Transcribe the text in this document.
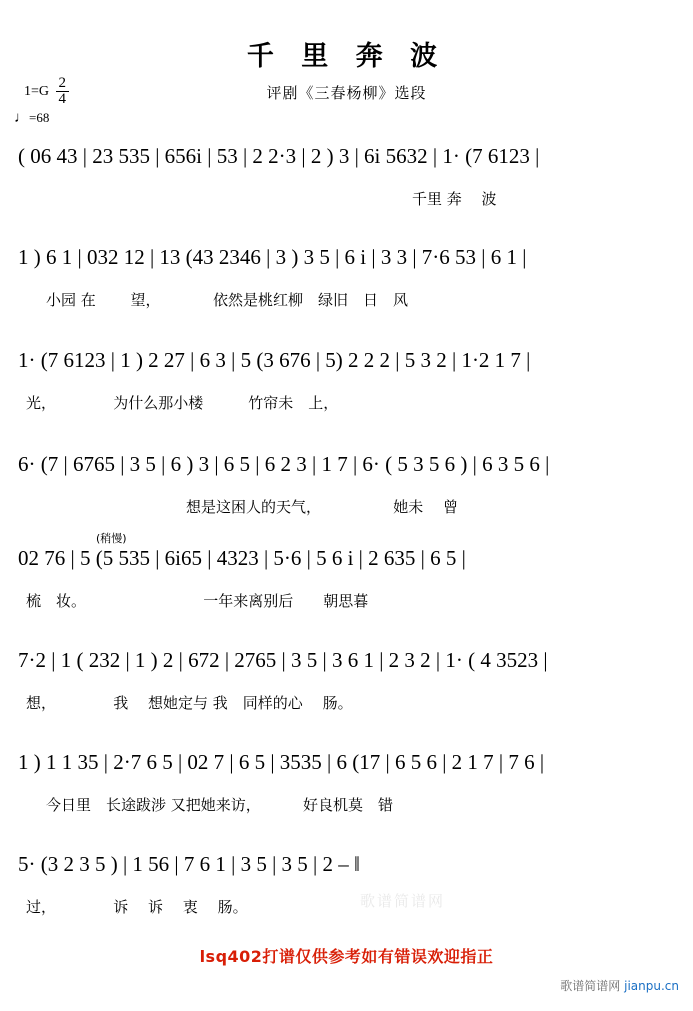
千 里 奔 波
评剧《三春杨柳》选段
$1=G \frac{2}{4}$
♩=68
( 06 43 | 23 535 | 656i | 53 | 2 2·3 | 2 ) 3 | 6i 5632 | 1· (7 6123 |
千里 奔　 波
1 ) 6 1 | 032 12 | 13 (43 2346 | 3 ) 3 5 | 6 i | 3 3 | 7·6 53 | 6 1 |
小园 在　　 望，　　　　依然是桃红柳　绿旧　日　风
1· (7 6123 | 1 ) 2 27 | 6 3 | 5 (3 676 | 5) 2 2 2 | 5 3 2 | 1·2 1 7 |
光，　　　　 为什么那小楼　　　竹帘未　上，
6· (7 | 6765 | 3 5 | 6 ) 3 | 6 5 | 6 2 3 | 1 7 | 6· ( 5 3 5 6 ) | 6 3 5 6 |
想是这困人的天气，　　　　　 她未　 曾
(稍慢)
02 76 | 5 (5 535 | 6i65 | 4323 | 5·6 | 5 6 i | 2 635 | 6 5 |
梳　妆。　　　　　　　　 一年来离别后　　朝思暮
7·2 | 1 ( 232 | 1 ) 2 | 672 | 2765 | 3 5 | 3 6 1 | 2 3 2 | 1· ( 4 3523 |
想，　　　　 我　 想她定与 我　同样的心　 肠。
1 ) 1 1 35 | 2·7 6 5 | 02 7 | 6 5 | 3535 | 6 (17 | 6 5 6 | 2 1 7 | 7 6 |
今日里　长途跋涉 又把她来访，　　　 好良机莫　错
5· (3 2 3 5 ) | 1 56 | 7 6 1 | 3 5 | 3 5 | 2 – ‖
过，　　　　 诉　 诉　 衷　 肠。	歌谱简谱网
lsq402打谱仅供参考如有错误欢迎指正
歌谱简谱网 jianpu.cn
